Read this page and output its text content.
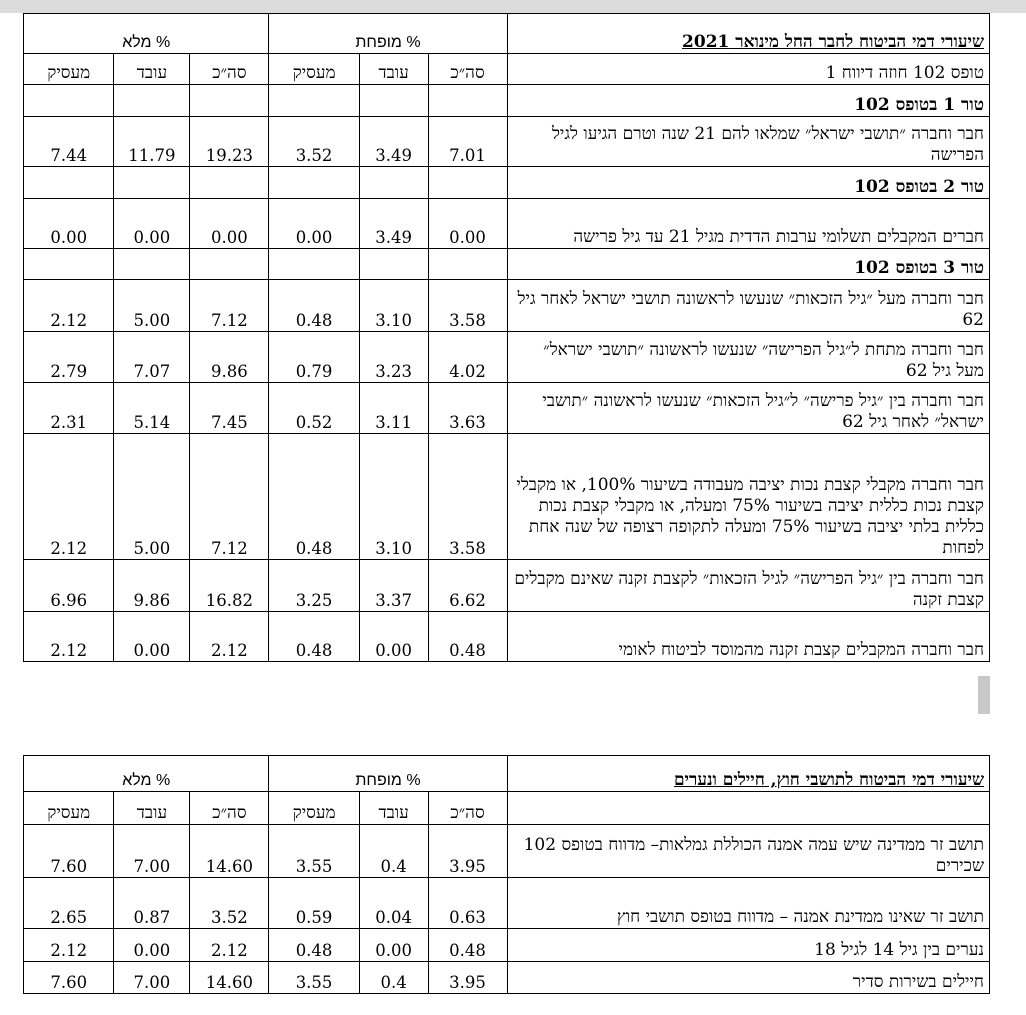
שיעורי דמי הביטוח לחבר החל מינואר 2021	% מופחת			% מלא		
טופס 102 חוזה דיווח 1	סה״כ	עובד	מעסיק	סה״כ	עובד	מעסיק
טור 1 בטופס 102						
חבר וחברה ״תושבי ישראל״ שמלאו להם 21 שנה וטרם הגיעו לגיל הפרישה	7.01	3.49	3.52	19.23	11.79	7.44
טור 2 בטופס 102						
חברים המקבלים תשלומי ערבות הדדית מגיל 21 עד גיל פרישה	0.00	3.49	0.00	0.00	0.00	0.00
טור 3 בטופס 102						
חבר וחברה מעל ״גיל הזכאות״ שנעשו לראשונה תושבי ישראל לאחר גיל 62	3.58	3.10	0.48	7.12	5.00	2.12
חבר וחברה מתחת ל״גיל הפרישה״ שנעשו לראשונה ״תושבי ישראל״ מעל גיל 62	4.02	3.23	0.79	9.86	7.07	2.79
חבר וחברה בין ״גיל פרישה״ ל״גיל הזכאות״ שנעשו לראשונה ״תושבי ישראל״ לאחר גיל 62	3.63	3.11	0.52	7.45	5.14	2.31
חבר וחברה מקבלי קצבת נכות יציבה מעבודה בשיעור 100%, או מקבלי קצבת נכות כללית יציבה בשיעור 75% ומעלה, או מקבלי קצבת נכות כללית בלתי יציבה בשיעור 75% ומעלה לתקופה רצופה של שנה אחת לפחות	3.58	3.10	0.48	7.12	5.00	2.12
חבר וחברה בין ״גיל הפרישה״ לגיל הזכאות״ לקצבת זקנה שאינם מקבלים קצבת זקנה	6.62	3.37	3.25	16.82	9.86	6.96
חבר וחברה המקבלים קצבת זקנה מהמוסד לביטוח לאומי	0.48	0.00	0.48	2.12	0.00	2.12
שיעורי דמי הביטוח לתושבי חוץ, חיילים ונערים	% מופחת			% מלא		
	סה״כ	עובד	מעסיק	סה״כ	עובד	מעסיק
תושב זר ממדינה שיש עמה אמנה הכוללת גמלאות– מדווח בטופס 102 שכירים	3.95	0.4	3.55	14.60	7.00	7.60
תושב זר שאינו ממדינת אמנה – מדווח בטופס תושבי חוץ	0.63	0.04	0.59	3.52	0.87	2.65
נערים בין גיל 14 לגיל 18	0.48	0.00	0.48	2.12	0.00	2.12
חיילים בשירות סדיר	3.95	0.4	3.55	14.60	7.00	7.60
